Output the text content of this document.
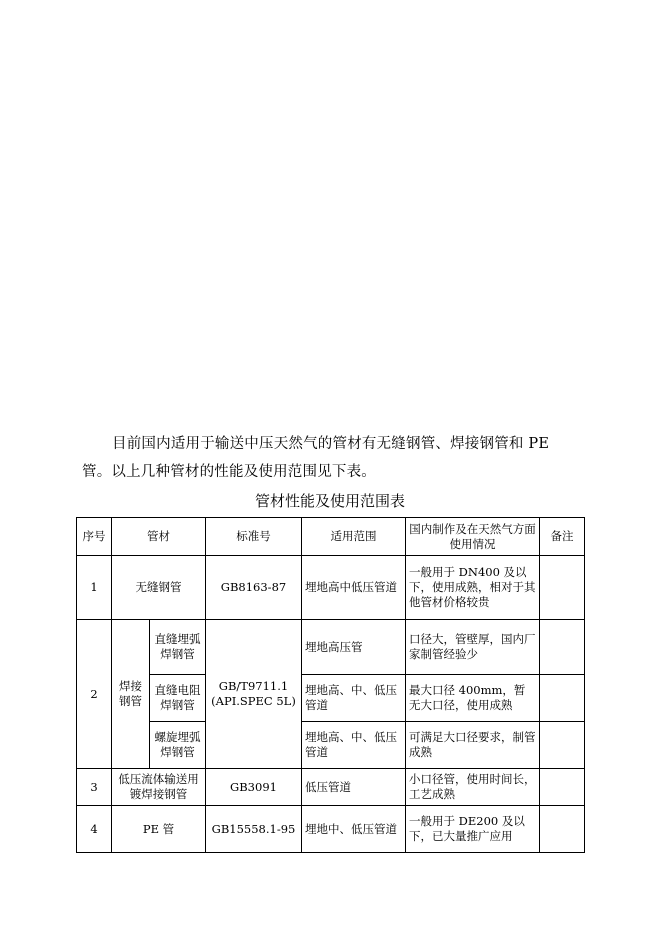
目前国内适用于输送中压天然气的管材有无缝钢管、焊接钢管和 PE 管。以上几种管材的性能及使用范围见下表。
管材性能及使用范围表
序号	管材		标准号	适用范围	国内制作及在天然气方面使用情况	备注
1	无缝钢管		GB8163-87	埋地高中低压管道	一般用于 DN400 及以下，使用成熟，相对于其他管材价格较贵	
2	焊接钢管	直缝埋弧焊钢管	GB/T9711.1 (API.SPEC 5L)	埋地高压管	口径大，管壁厚，国内厂家制管经验少	
		直缝电阻焊钢管		埋地高、中、低压管道	最大口径 400mm，暂无大口径，使用成熟	
		螺旋埋弧焊钢管		埋地高、中、低压管道	可满足大口径要求，制管成熟	
3	低压流体输送用镀焊接钢管		GB3091	低压管道	小口径管，使用时间长，工艺成熟	
4	PE 管		GB15558.1-95	埋地中、低压管道	一般用于 DE200 及以下，已大量推广应用	
